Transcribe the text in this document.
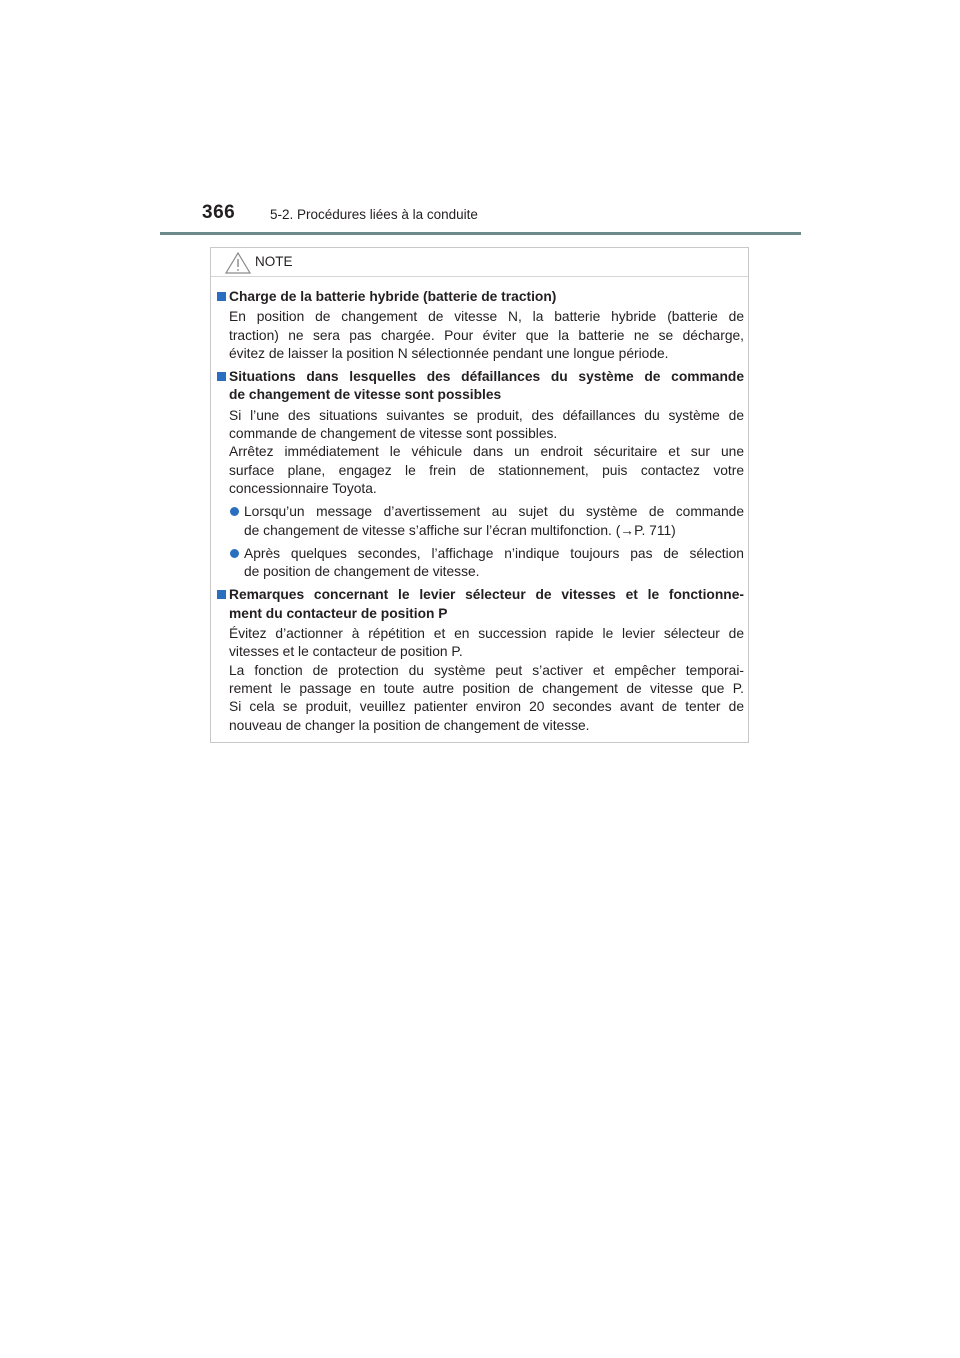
366	5-2. Procédures liées à la conduite
NOTE
Charge de la batterie hybride (batterie de traction)
En position de changement de vitesse N, la batterie hybride (batterie de
traction) ne sera pas chargée. Pour éviter que la batterie ne se décharge,
évitez de laisser la position N sélectionnée pendant une longue période.
Situations dans lesquelles des défaillances du système de commande
de changement de vitesse sont possibles
Si l’une des situations suivantes se produit, des défaillances du système de
commande de changement de vitesse sont possibles.
Arrêtez immédiatement le véhicule dans un endroit sécuritaire et sur une
surface plane, engagez le frein de stationnement, puis contactez votre
concessionnaire Toyota.
Lorsqu’un message d’avertissement au sujet du système de commande
de changement de vitesse s’affiche sur l’écran multifonction. (→P. 711)
Après quelques secondes, l’affichage n’indique toujours pas de sélection
de position de changement de vitesse.
Remarques concernant le levier sélecteur de vitesses et le fonctionne-
ment du contacteur de position P
Évitez d’actionner à répétition et en succession rapide le levier sélecteur de
vitesses et le contacteur de position P.
La fonction de protection du système peut s’activer et empêcher temporai-
rement le passage en toute autre position de changement de vitesse que P.
Si cela se produit, veuillez patienter environ 20 secondes avant de tenter de
nouveau de changer la position de changement de vitesse.
